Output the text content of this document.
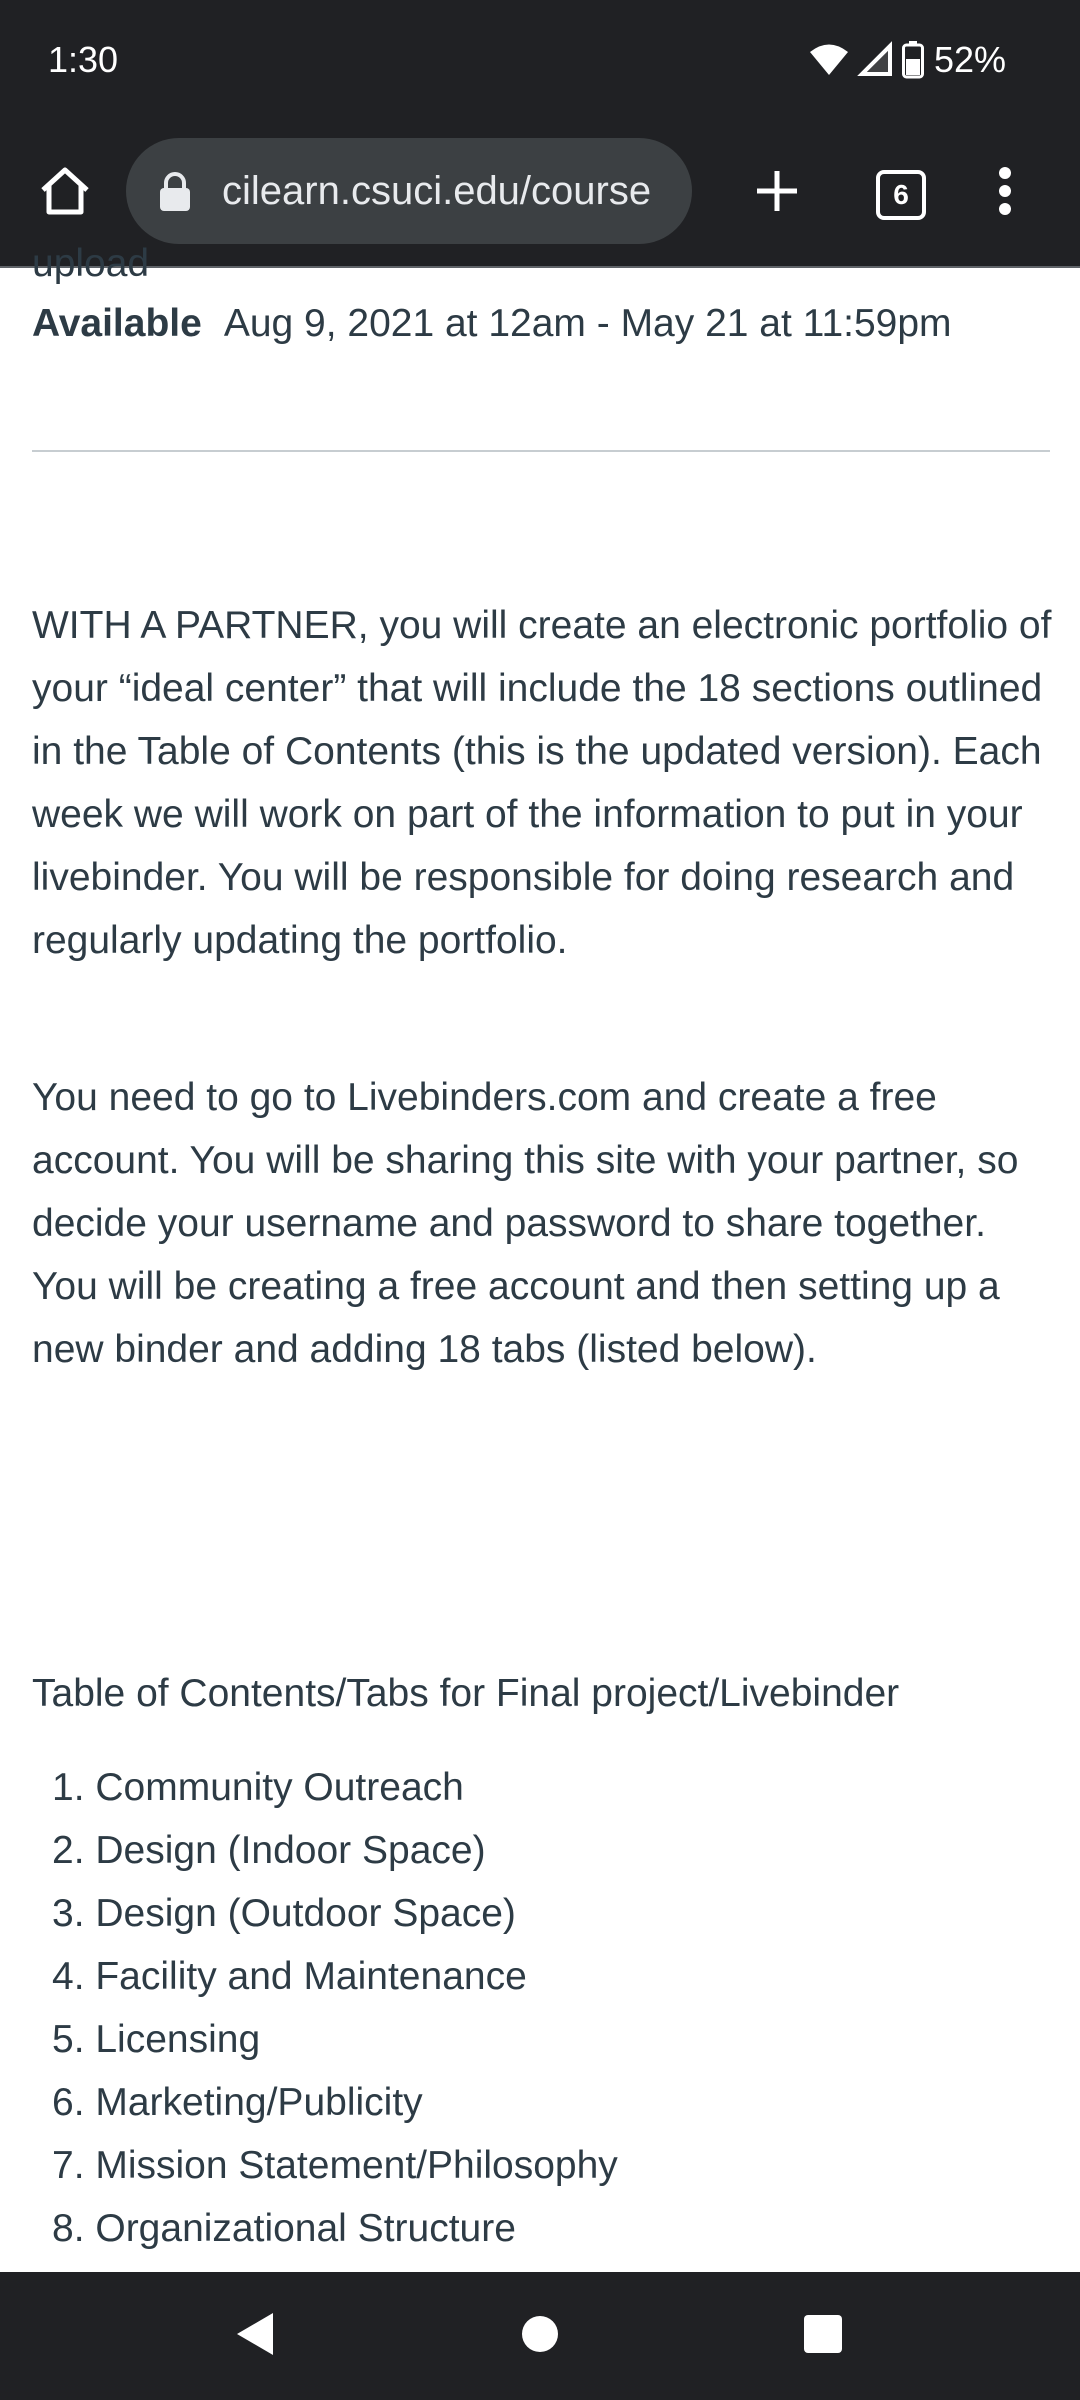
1:30	52%
cilearn.csuci.edu/course	6
upload
Available Aug 9, 2021 at 12am - May 21 at 11:59pm

WITH A PARTNER, you will create an electronic portfolio of your “ideal center” that will include the 18 sections outlined in the Table of Contents (this is the updated version). Each week we will work on part of the information to put in your livebinder. You will be responsible for doing research and regularly updating the portfolio.

You need to go to Livebinders.com and create a free account. You will be sharing this site with your partner, so decide your username and password to share together. You will be creating a free account and then setting up a new binder and adding 18 tabs (listed below).

Table of Contents/Tabs for Final project/Livebinder

1. Community Outreach
2. Design (Indoor Space)
3. Design (Outdoor Space)
4. Facility and Maintenance
5. Licensing
6. Marketing/Publicity
7. Mission Statement/Philosophy
8. Organizational Structure
